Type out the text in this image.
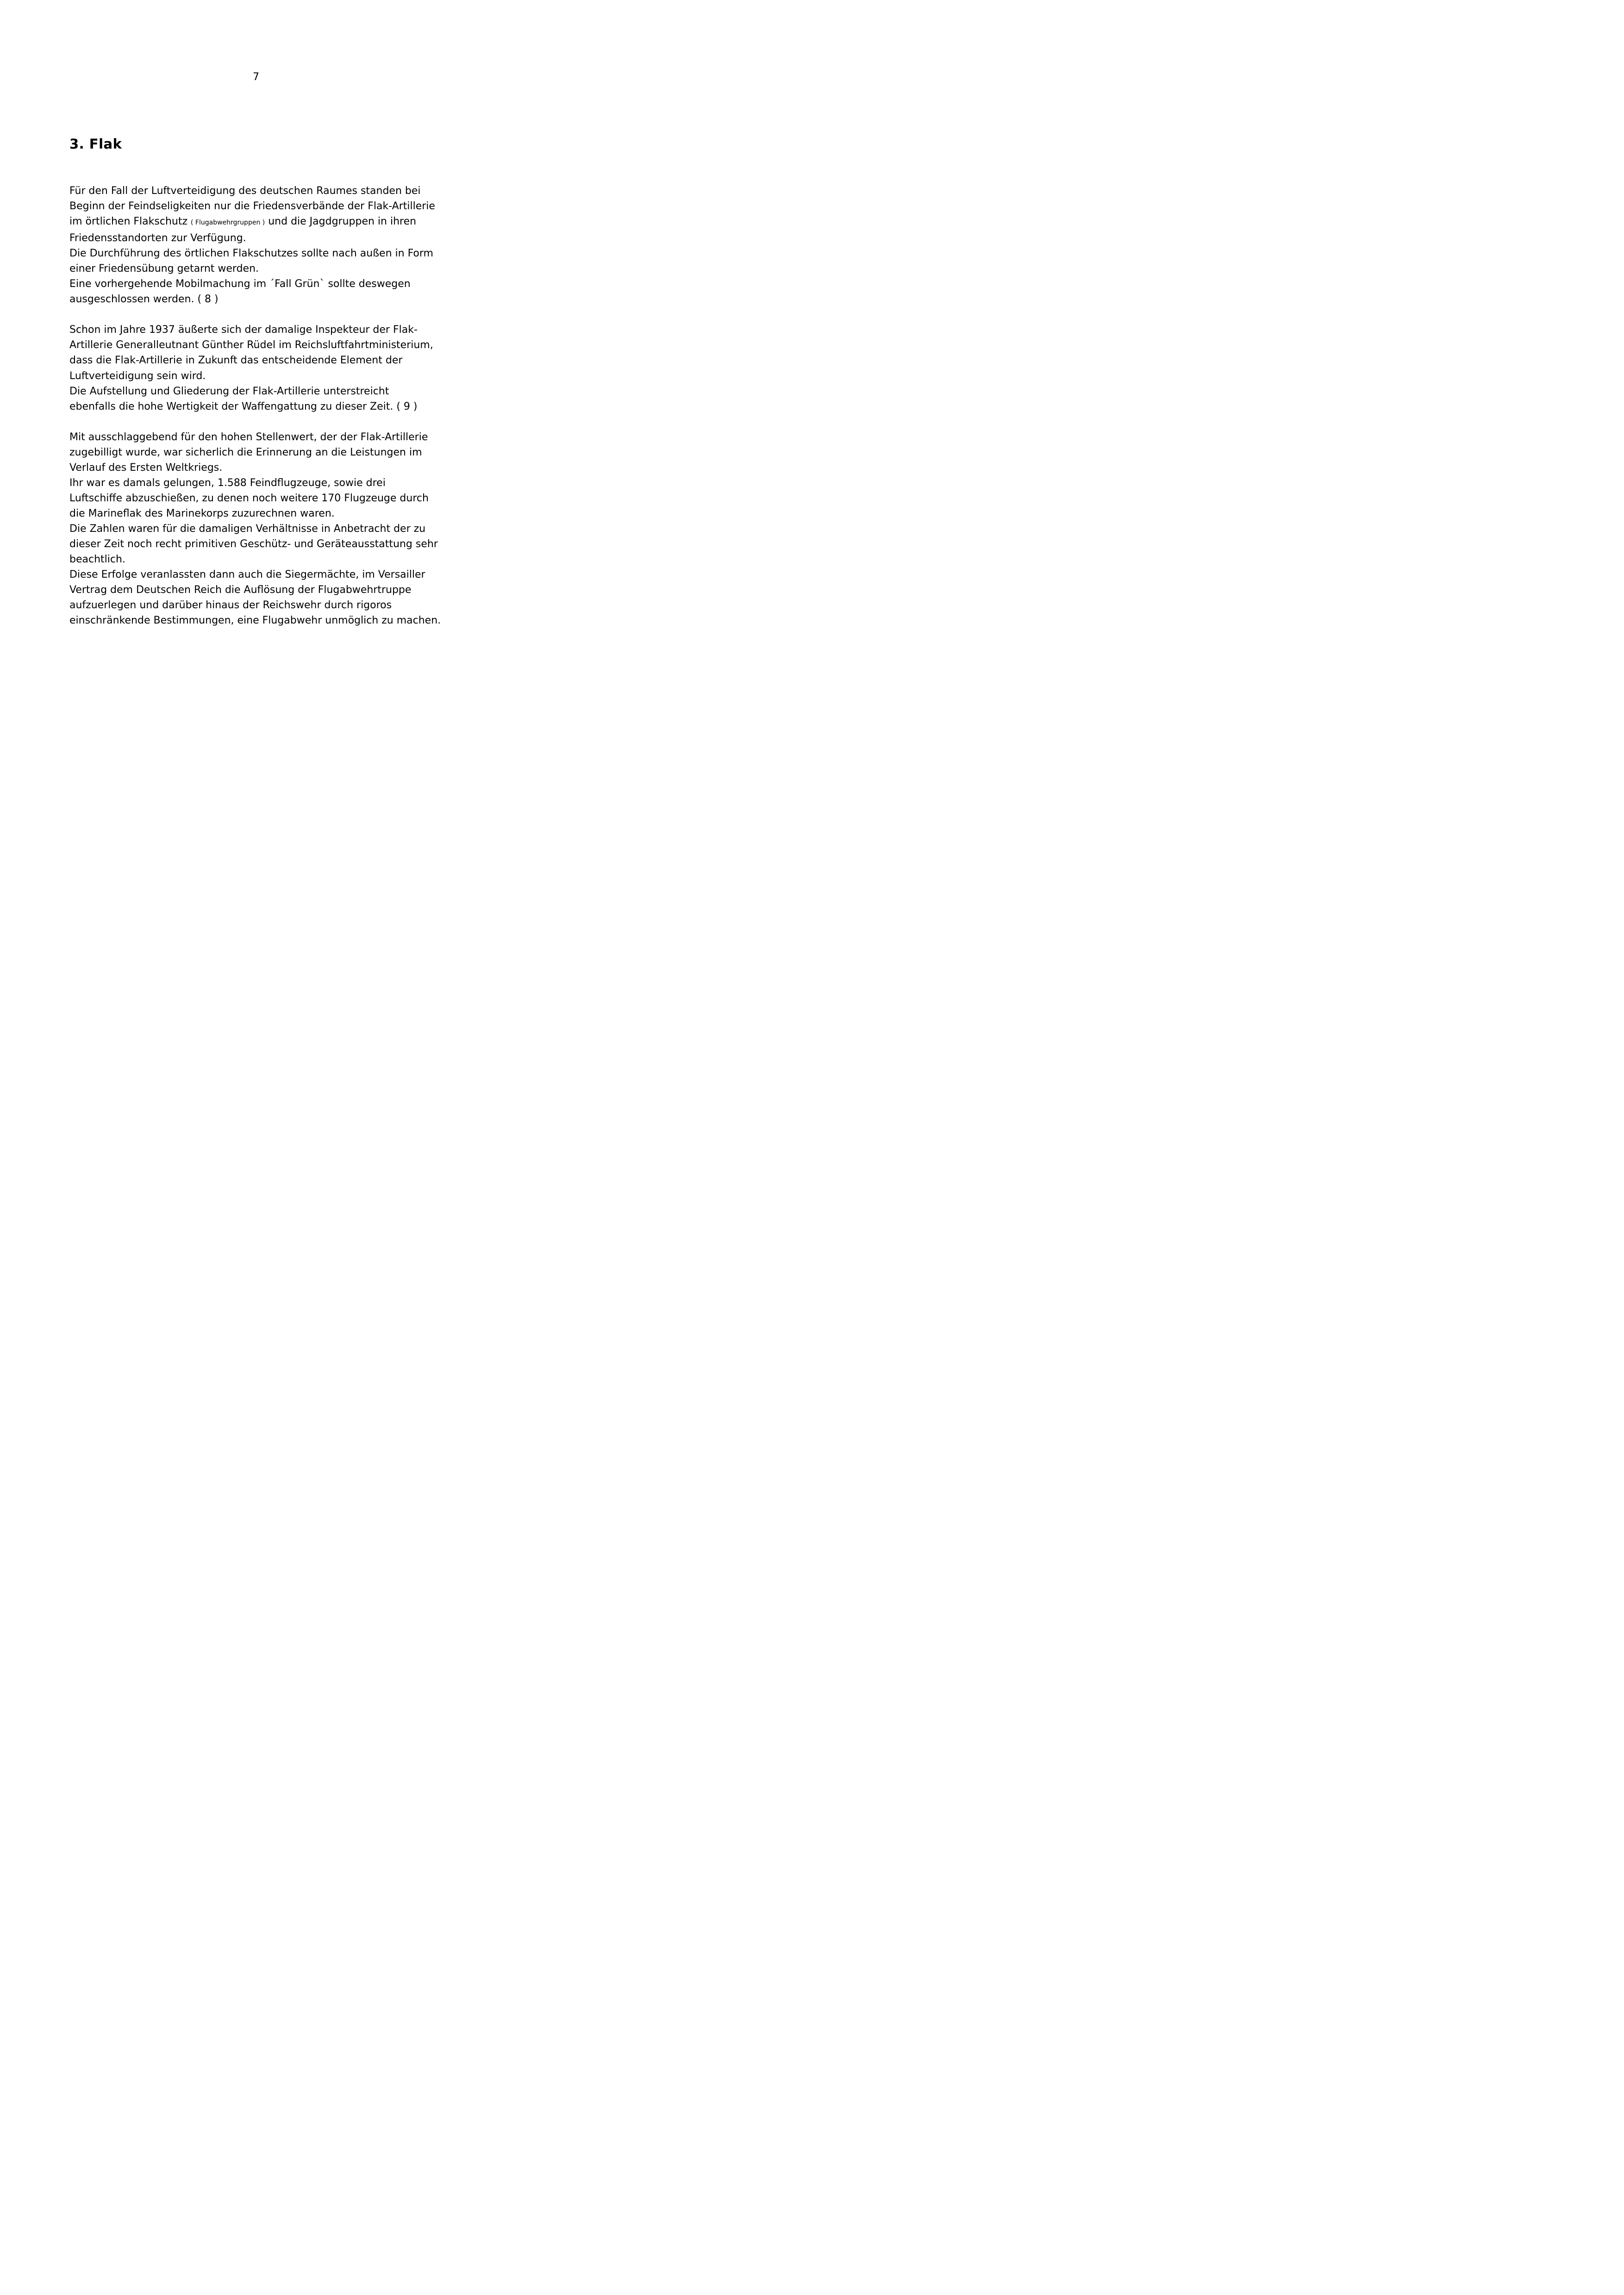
7
3. Flak
Für den Fall der Luftverteidigung des deutschen Raumes standen bei
Beginn der Feindseligkeiten nur die Friedensverbände der Flak-Artillerie
im örtlichen Flakschutz ( Flugabwehrgruppen ) und die Jagdgruppen in ihren
Friedensstandorten zur Verfügung.
Die Durchführung des örtlichen Flakschutzes sollte nach außen in Form
einer Friedensübung getarnt werden.
Eine vorhergehende Mobilmachung im ´Fall Grün` sollte deswegen
ausgeschlossen werden. ( 8 )
Schon im Jahre 1937 äußerte sich der damalige Inspekteur der Flak-
Artillerie Generalleutnant Günther Rüdel im Reichsluftfahrtministerium,
dass die Flak-Artillerie in Zukunft das entscheidende Element der
Luftverteidigung sein wird.
Die Aufstellung und Gliederung der Flak-Artillerie unterstreicht
ebenfalls die hohe Wertigkeit der Waffengattung zu dieser Zeit. ( 9 )
Mit ausschlaggebend für den hohen Stellenwert, der der Flak-Artillerie
zugebilligt wurde, war sicherlich die Erinnerung an die Leistungen im
Verlauf des Ersten Weltkriegs.
Ihr war es damals gelungen, 1.588 Feindflugzeuge, sowie drei
Luftschiffe abzuschießen, zu denen noch weitere 170 Flugzeuge durch
die Marineflak des Marinekorps zuzurechnen waren.
Die Zahlen waren für die damaligen Verhältnisse in Anbetracht der zu
dieser Zeit noch recht primitiven Geschütz- und Geräteausstattung sehr
beachtlich.
Diese Erfolge veranlassten dann auch die Siegermächte, im Versailler
Vertrag dem Deutschen Reich die Auflösung der Flugabwehrtruppe
aufzuerlegen und darüber hinaus der Reichswehr durch rigoros
einschränkende Bestimmungen, eine Flugabwehr unmöglich zu machen.
